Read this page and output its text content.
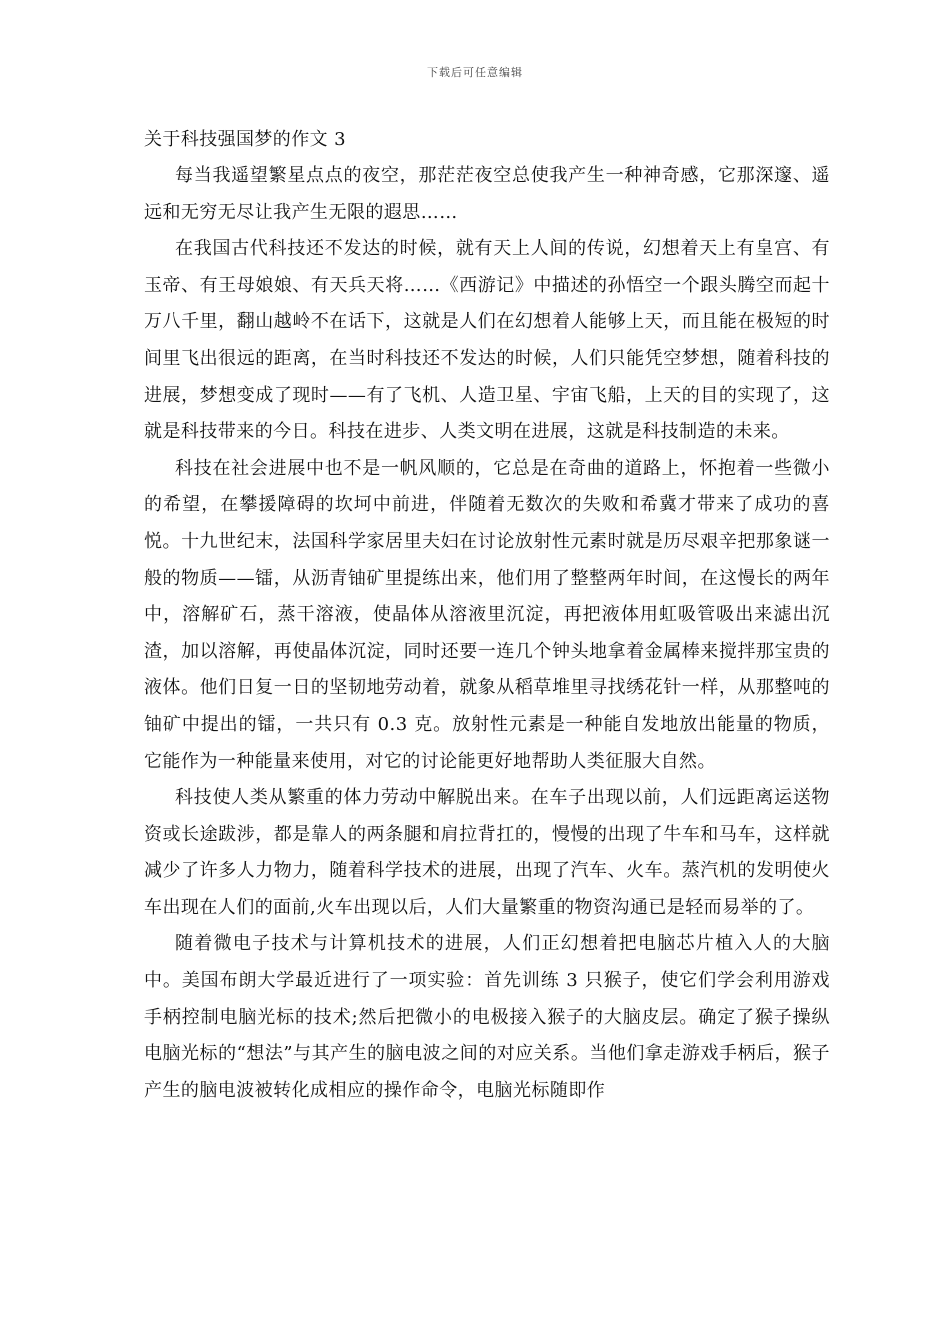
下载后可任意编辑
关于科技强国梦的作文 3

每当我遥望繁星点点的夜空，那茫茫夜空总使我产生一种神奇感，它那深邃、遥远和无穷无尽让我产生无限的遐思……

在我国古代科技还不发达的时候，就有天上人间的传说，幻想着天上有皇宫、有玉帝、有王母娘娘、有天兵天将……《西游记》中描述的孙悟空一个跟头腾空而起十万八千里，翻山越岭不在话下，这就是人们在幻想着人能够上天，而且能在极短的时间里飞出很远的距离，在当时科技还不发达的时候，人们只能凭空梦想，随着科技的进展，梦想变成了现时——有了飞机、人造卫星、宇宙飞船，上天的目的实现了，这就是科技带来的今日。科技在进步、人类文明在进展，这就是科技制造的未来。

科技在社会进展中也不是一帆风顺的，它总是在奇曲的道路上，怀抱着一些微小的希望，在攀援障碍的坎坷中前进，伴随着无数次的失败和希冀才带来了成功的喜悦。十九世纪末，法国科学家居里夫妇在讨论放射性元素时就是历尽艰辛把那象谜一般的物质——镭，从沥青铀矿里提练出来，他们用了整整两年时间，在这慢长的两年中，溶解矿石，蒸干溶液，使晶体从溶液里沉淀，再把液体用虹吸管吸出来滤出沉渣，加以溶解，再使晶体沉淀，同时还要一连几个钟头地拿着金属棒来搅拌那宝贵的液体。他们日复一日的坚韧地劳动着，就象从稻草堆里寻找绣花针一样，从那整吨的铀矿中提出的镭，一共只有 0.3 克。放射性元素是一种能自发地放出能量的物质，它能作为一种能量来使用，对它的讨论能更好地帮助人类征服大自然。

科技使人类从繁重的体力劳动中解脱出来。在车子出现以前，人们远距离运送物资或长途跋涉，都是靠人的两条腿和肩拉背扛的，慢慢的出现了牛车和马车，这样就减少了许多人力物力，随着科学技术的进展，出现了汽车、火车。蒸汽机的发明使火车出现在人们的面前,火车出现以后，人们大量繁重的物资沟通已是轻而易举的了。

随着微电子技术与计算机技术的进展，人们正幻想着把电脑芯片植入人的大脑中。美国布朗大学最近进行了一项实验：首先训练 3 只猴子，使它们学会利用游戏手柄控制电脑光标的技术;然后把微小的电极接入猴子的大脑皮层。确定了猴子操纵电脑光标的“想法”与其产生的脑电波之间的对应关系。当他们拿走游戏手柄后，猴子产生的脑电波被转化成相应的操作命令，电脑光标随即作
